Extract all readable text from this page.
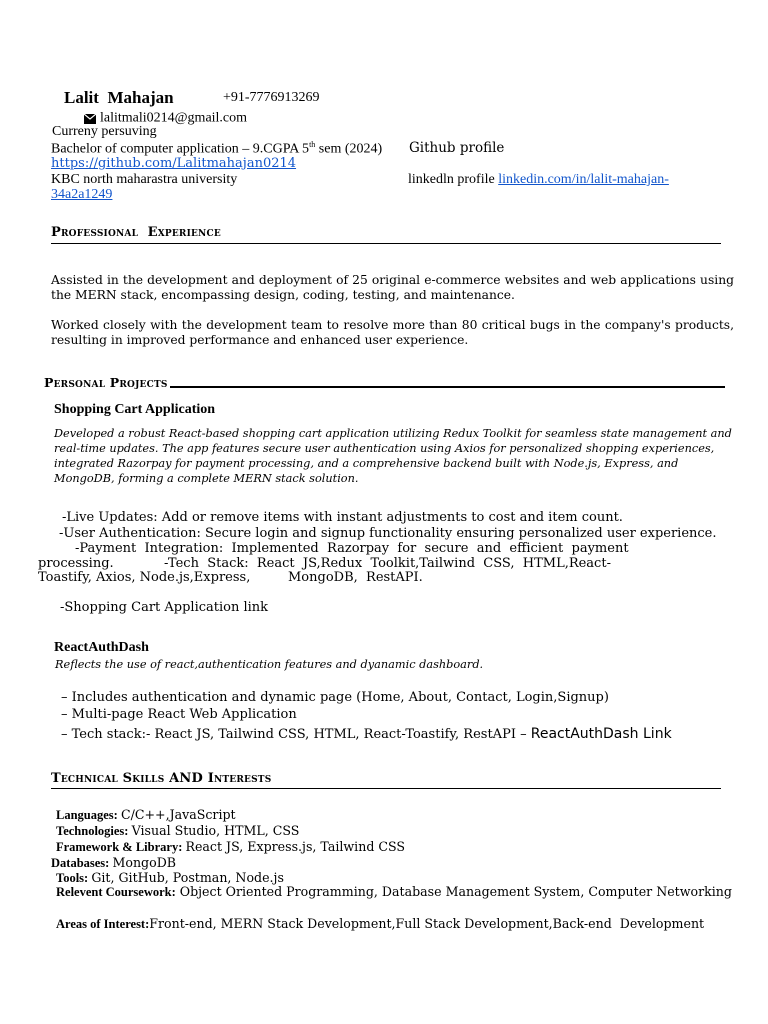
Lalit  Mahajan	+91-7776913269
lalitmali0214@gmail.com
Curreny persuving
Bachelor of computer application – 9.CGPA 5th sem (2024) Github profile
https://github.com/Lalitmahajan0214
KBC north maharastra university	linkedln profile linkedin.com/in/lalit-mahajan-
34a2a1249
Professional  Experience
Assisted in the development and deployment of 25 original e-commerce websites and web applications using the MERN stack, encompassing design, coding, testing, and maintenance.
Worked closely with the development team to resolve more than 80 critical bugs in the company's products, resulting in improved performance and enhanced user experience.
Personal Projects
Shopping Cart Application
Developed a robust React-based shopping cart application utilizing Redux Toolkit for seamless state management and real-time updates. The app features secure user authentication using Axios for personalized shopping experiences, integrated Razorpay for payment processing, and a comprehensive backend built with Node.js, Express, and MongoDB, forming a complete MERN stack solution.
-Live Updates: Add or remove items with instant adjustments to cost and item count.
-User Authentication: Secure login and signup functionality ensuring personalized user experience.
-Payment  Integration:  Implemented  Razorpay  for  secure  and  efficient  payment
processing.	-Tech  Stack:  React  JS,Redux  Toolkit,Tailwind  CSS,  HTML,React-
Toastify, Axios, Node.js,Express,	MongoDB,  RestAPI.
-Shopping Cart Application link
ReactAuthDash
Reflects the use of react,authentication features and dyanamic dashboard.
– Includes authentication and dynamic page (Home, About, Contact, Login,Signup)
– Multi-page React Web Application
– Tech stack:- React JS, Tailwind CSS, HTML, React-Toastify, RestAPI – ReactAuthDash Link
Technical Skills AND Interests
Languages: C/C++,JavaScript
Technologies: Visual Studio, HTML, CSS
Framework & Library: React JS, Express.js, Tailwind CSS
Databases: MongoDB
Tools: Git, GitHub, Postman, Node.js
Relevent Coursework: Object Oriented Programming, Database Management System, Computer Networking
Areas of Interest:Front-end, MERN Stack Development,Full Stack Development,Back-end  Development
